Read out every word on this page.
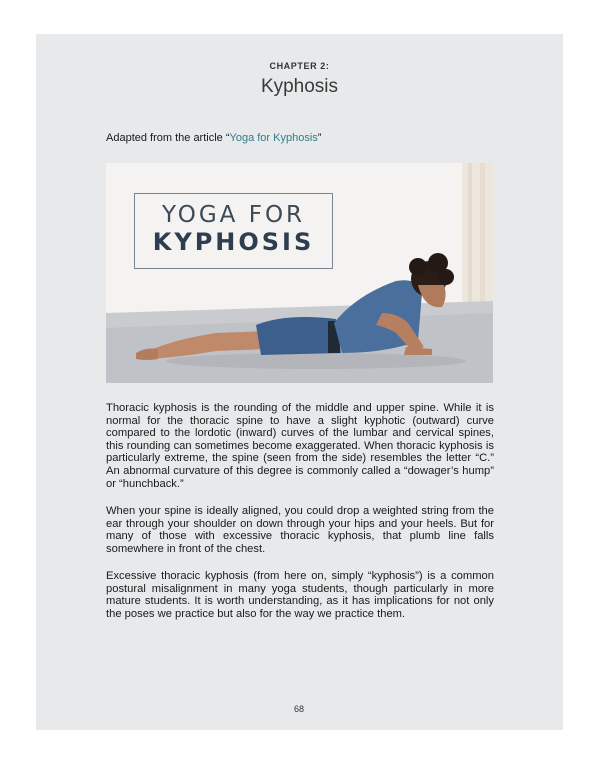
CHAPTER 2:
Kyphosis
Adapted from the article “Yoga for Kyphosis”
YOGA FOR
KYPHOSIS

Thoracic kyphosis is the rounding of the middle and upper spine. While it is normal for the thoracic spine to have a slight kyphotic (outward) curve compared to the lordotic (inward) curves of the lumbar and cervical spines, this rounding can sometimes become exaggerated. When thoracic kyphosis is particularly extreme, the spine (seen from the side) resembles the letter “C.” An abnormal curvature of this degree is commonly called a “dowager’s hump” or “hunchback.”

When your spine is ideally aligned, you could drop a weighted string from the ear through your shoulder on down through your hips and your heels. But for many of those with excessive thoracic kyphosis, that plumb line falls somewhere in front of the chest.

Excessive thoracic kyphosis (from here on, simply “kyphosis”) is a common postural misalignment in many yoga students, though particularly in more mature students. It is worth understanding, as it has implications for not only the poses we practice but also for the way we practice them.

68
